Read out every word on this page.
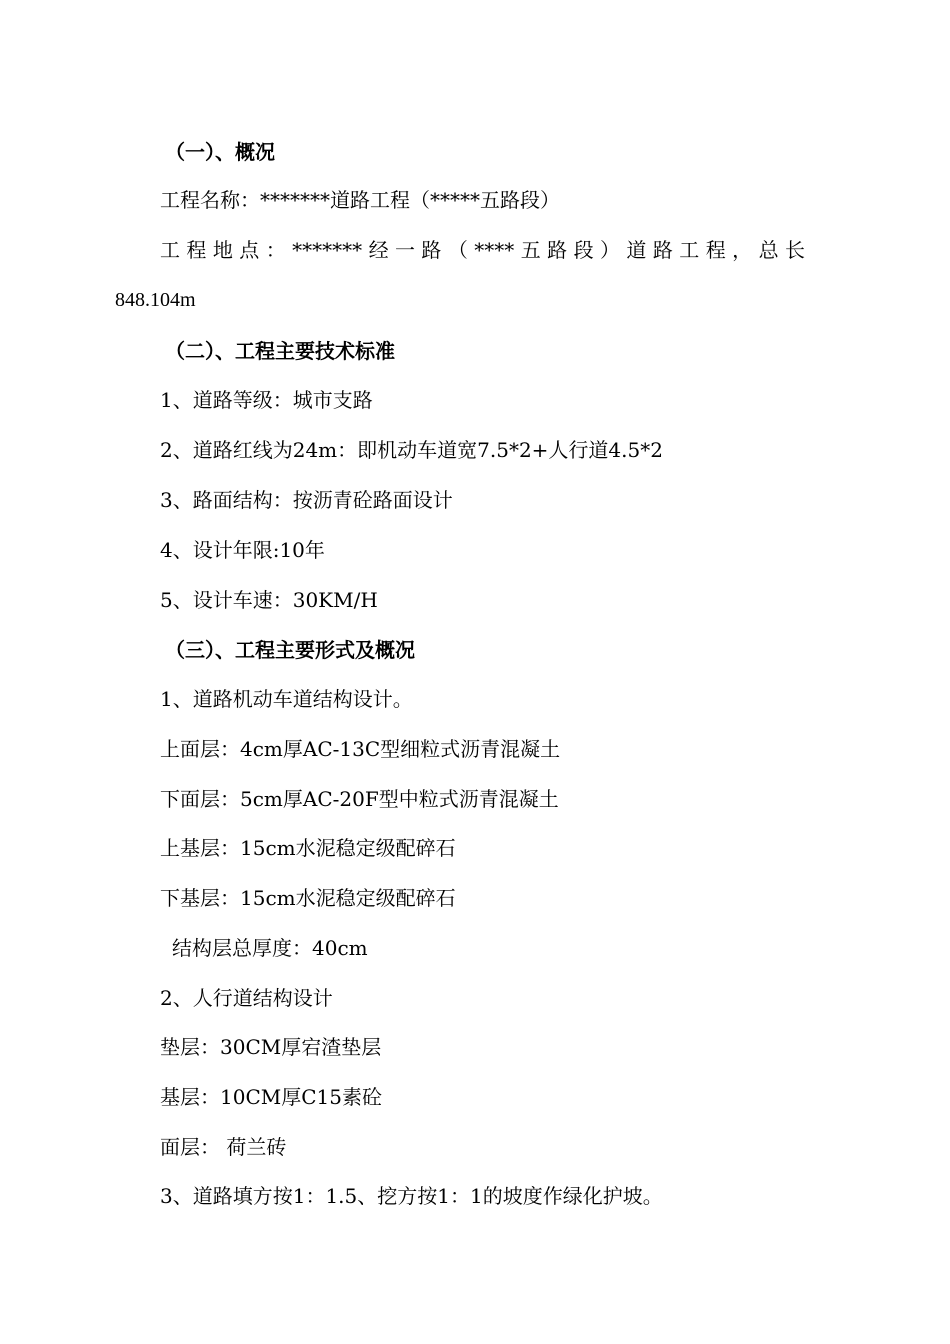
（一）、概况
工程名称：*******道路工程（*****五路段）
工程地点：*******经一路（****五路段）道路工程，总长
848.104m
（二）、工程主要技术标准
1、道路等级：城市支路
2、道路红线为24m：即机动车道宽7.5*2+人行道4.5*2
3、路面结构：按沥青砼路面设计
4、设计年限:10年
5、设计车速：30KM/H
（三）、工程主要形式及概况
1、道路机动车道结构设计。
上面层：4cm厚AC-13C型细粒式沥青混凝土
下面层：5cm厚AC-20F型中粒式沥青混凝土
上基层：15cm水泥稳定级配碎石
下基层：15cm水泥稳定级配碎石
结构层总厚度：40cm
2、人行道结构设计
垫层：30CM厚宕渣垫层
基层：10CM厚C15素砼
面层： 荷兰砖
3、道路填方按1：1.5、挖方按1：1的坡度作绿化护坡。
